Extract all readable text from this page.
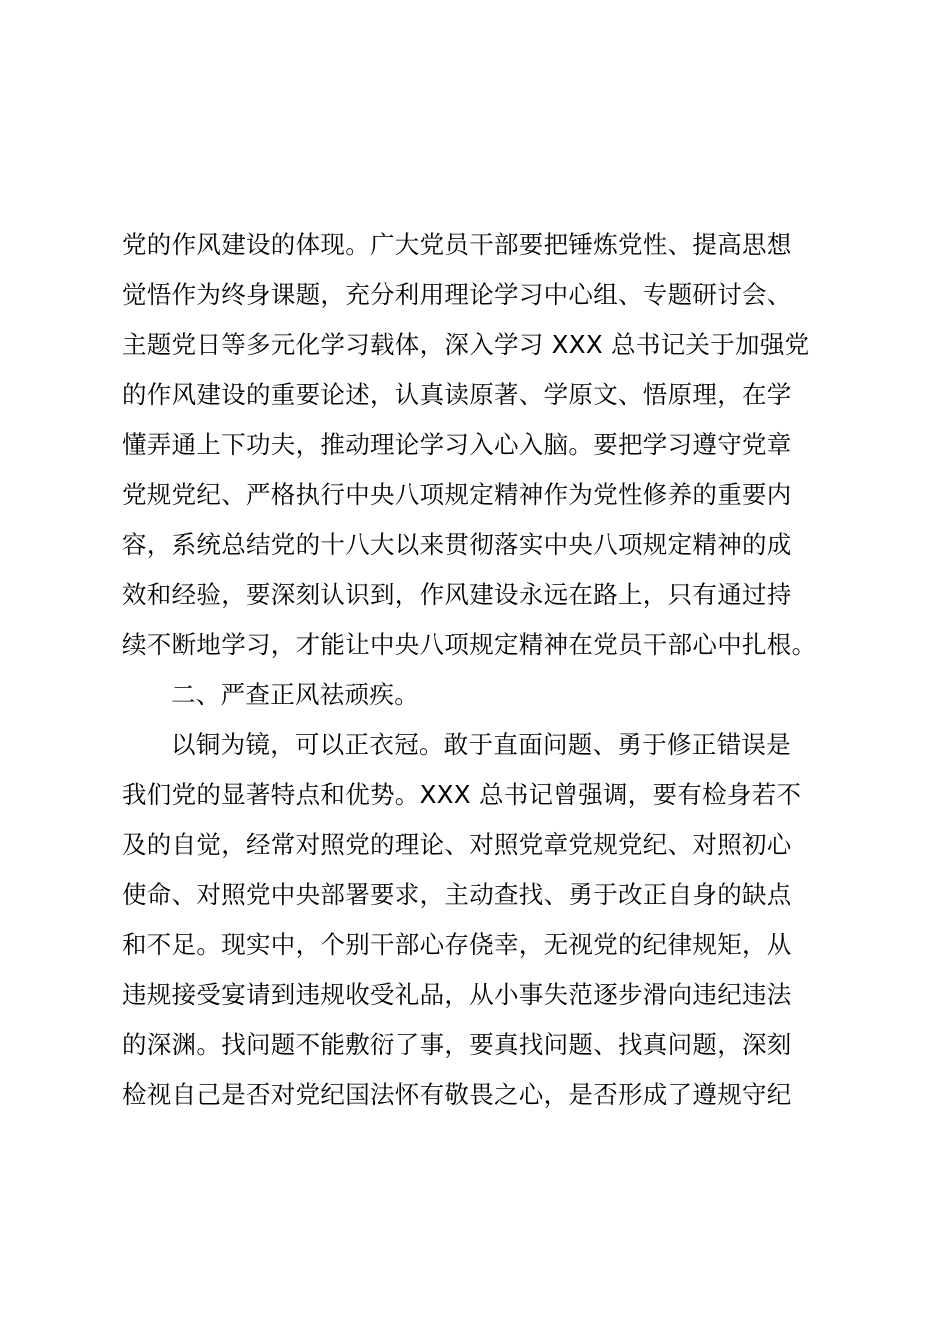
党的作风建设的体现。广大党员干部要把锤炼党性、提高思想
觉悟作为终身课题，充分利用理论学习中心组、专题研讨会、
主题党日等多元化学习载体，深入学习 XXX 总书记关于加强党
的作风建设的重要论述，认真读原著、学原文、悟原理，在学
懂弄通上下功夫，推动理论学习入心入脑。要把学习遵守党章
党规党纪、严格执行中央八项规定精神作为党性修养的重要内
容，系统总结党的十八大以来贯彻落实中央八项规定精神的成
效和经验，要深刻认识到，作风建设永远在路上，只有通过持
续不断地学习，才能让中央八项规定精神在党员干部心中扎根。
二、严查正风祛顽疾。
以铜为镜，可以正衣冠。敢于直面问题、勇于修正错误是
我们党的显著特点和优势。XXX 总书记曾强调，要有检身若不
及的自觉，经常对照党的理论、对照党章党规党纪、对照初心
使命、对照党中央部署要求，主动查找、勇于改正自身的缺点
和不足。现实中，个别干部心存侥幸，无视党的纪律规矩，从
违规接受宴请到违规收受礼品，从小事失范逐步滑向违纪违法
的深渊。找问题不能敷衍了事，要真找问题、找真问题，深刻
检视自己是否对党纪国法怀有敬畏之心，是否形成了遵规守纪
